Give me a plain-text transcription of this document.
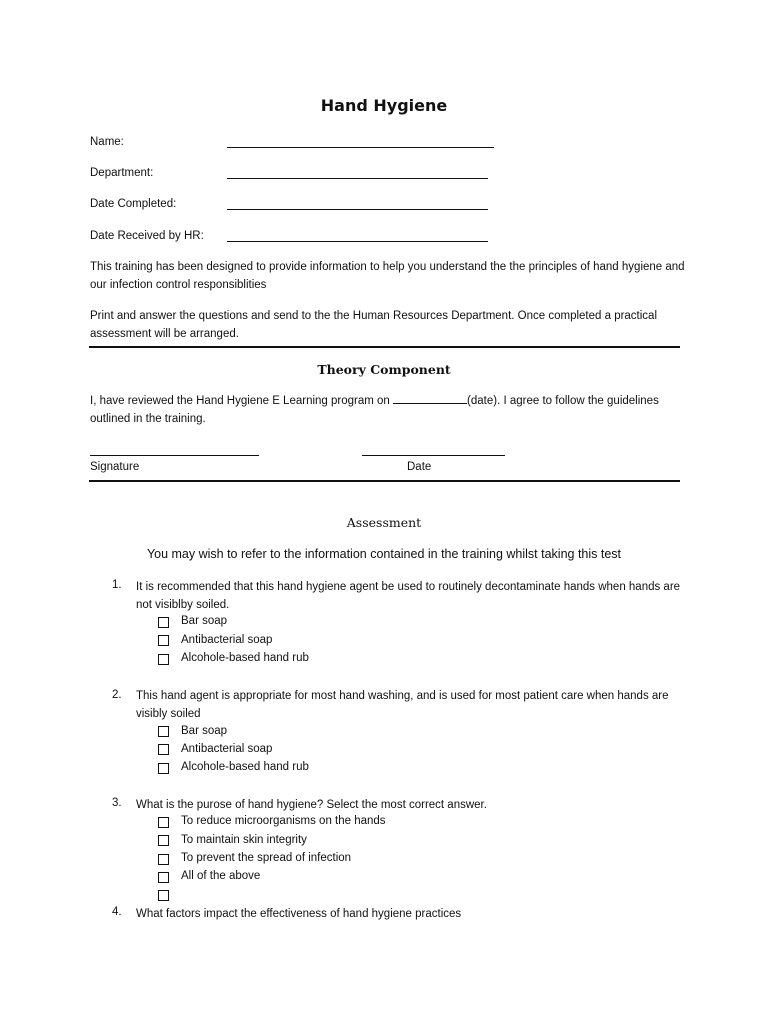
Hand Hygiene
Name:
Department:
Date Completed:
Date Received by HR:
This training has been designed to provide information to help you understand the the principles of hand hygiene and our infection control responsiblities
Print and answer the questions and send to the the Human Resources Department. Once completed a practical assessment will be arranged.
Theory Component
I, have reviewed the Hand Hygiene E Learning program on	(date). I agree to follow the guidelines outlined in the training.
Signature	Date
Assessment
You may wish to refer to the information contained in the training whilst taking this test
1. It is recommended that this hand hygiene agent be used to routinely decontaminate hands when hands are not visiblby soiled.
Bar soap
Antibacterial soap
Alcohole-based hand rub
2. This hand agent is appropriate for most hand washing, and is used for most patient care when hands are visibly soiled
Bar soap
Antibacterial soap
Alcohole-based hand rub
3. What is the purose of hand hygiene? Select the most correct answer.
To reduce microorganisms on the hands
To maintain skin integrity
To prevent the spread of infection
All of the above
4. What factors impact the effectiveness of hand hygiene practices
